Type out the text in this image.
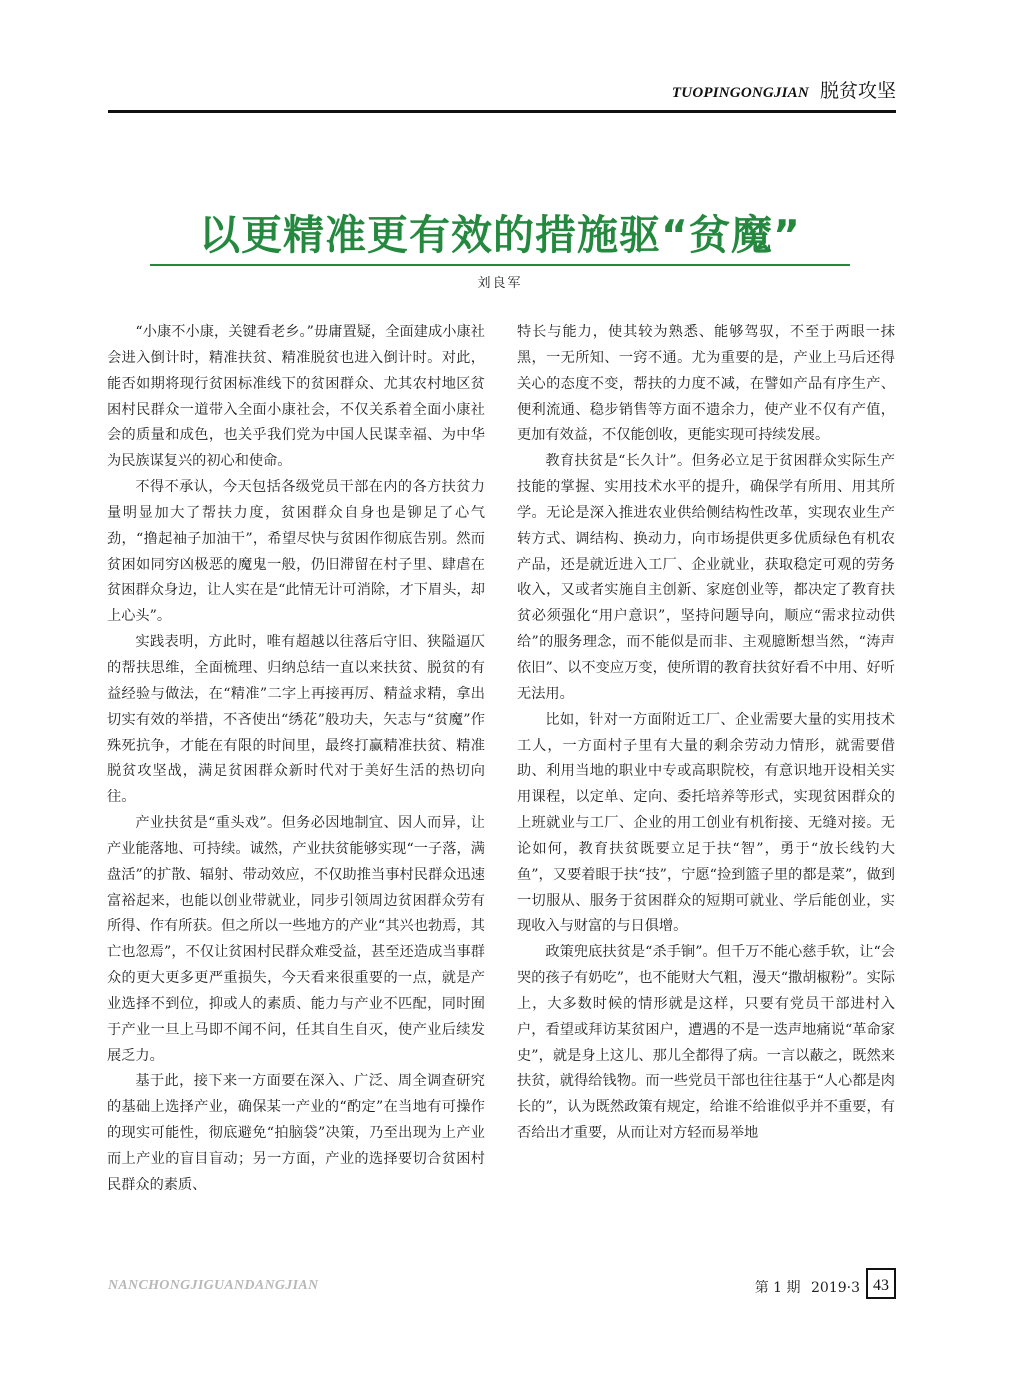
TUOPINGONGJIAN 脱贫攻坚
以更精准更有效的措施驱“贫魔”
刘良军

“小康不小康，关键看老乡。”毋庸置疑，全面建成小康社会进入倒计时，精准扶贫、精准脱贫也进入倒计时。对此，能否如期将现行贫困标准线下的贫困群众、尤其农村地区贫困村民群众一道带入全面小康社会，不仅关系着全面小康社会的质量和成色，也关乎我们党为中国人民谋幸福、为中华为民族谋复兴的初心和使命。

不得不承认，今天包括各级党员干部在内的各方扶贫力量明显加大了帮扶力度，贫困群众自身也是铆足了心气劲，“撸起袖子加油干”，希望尽快与贫困作彻底告别。然而贫困如同穷凶极恶的魔鬼一般，仍旧滞留在村子里、肆虐在贫困群众身边，让人实在是“此情无计可消除，才下眉头，却上心头”。

实践表明，方此时，唯有超越以往落后守旧、狭隘逼仄的帮扶思维，全面梳理、归纳总结一直以来扶贫、脱贫的有益经验与做法，在“精准”二字上再接再厉、精益求精，拿出切实有效的举措，不吝使出“绣花”般功夫，矢志与“贫魔”作殊死抗争，才能在有限的时间里，最终打赢精准扶贫、精准脱贫攻坚战，满足贫困群众新时代对于美好生活的热切向往。

产业扶贫是“重头戏”。但务必因地制宜、因人而异，让产业能落地、可持续。诚然，产业扶贫能够实现“一子落，满盘活”的扩散、辐射、带动效应，不仅助推当事村民群众迅速富裕起来，也能以创业带就业，同步引领周边贫困群众劳有所得、作有所获。但之所以一些地方的产业“其兴也勃焉，其亡也忽焉”，不仅让贫困村民群众难受益，甚至还造成当事群众的更大更多更严重损失，今天看来很重要的一点，就是产业选择不到位，抑或人的素质、能力与产业不匹配，同时囿于产业一旦上马即不闻不问，任其自生自灭，使产业后续发展乏力。

基于此，接下来一方面要在深入、广泛、周全调查研究的基础上选择产业，确保某一产业的“酌定”在当地有可操作的现实可能性，彻底避免“拍脑袋”决策，乃至出现为上产业而上产业的盲目盲动；另一方面，产业的选择要切合贫困村民群众的素质、

特长与能力，使其较为熟悉、能够驾驭，不至于两眼一抹黑，一无所知、一窍不通。尤为重要的是，产业上马后还得关心的态度不变，帮扶的力度不减，在譬如产品有序生产、便利流通、稳步销售等方面不遗余力，使产业不仅有产值，更加有效益，不仅能创收，更能实现可持续发展。

教育扶贫是“长久计”。但务必立足于贫困群众实际生产技能的掌握、实用技术水平的提升，确保学有所用、用其所学。无论是深入推进农业供给侧结构性改革，实现农业生产转方式、调结构、换动力，向市场提供更多优质绿色有机农产品，还是就近进入工厂、企业就业，获取稳定可观的劳务收入，又或者实施自主创新、家庭创业等，都决定了教育扶贫必须强化“用户意识”，坚持问题导向，顺应“需求拉动供给”的服务理念，而不能似是而非、主观臆断想当然，“涛声依旧”、以不变应万变，使所谓的教育扶贫好看不中用、好听无法用。

比如，针对一方面附近工厂、企业需要大量的实用技术工人，一方面村子里有大量的剩余劳动力情形，就需要借助、利用当地的职业中专或高职院校，有意识地开设相关实用课程，以定单、定向、委托培养等形式，实现贫困群众的上班就业与工厂、企业的用工创业有机衔接、无缝对接。无论如何，教育扶贫既要立足于扶“智”，勇于“放长线钓大鱼”，又要着眼于扶“技”，宁愿“捡到篮子里的都是菜”，做到一切服从、服务于贫困群众的短期可就业、学后能创业，实现收入与财富的与日俱增。

政策兜底扶贫是“杀手锏”。但千万不能心慈手软，让“会哭的孩子有奶吃”，也不能财大气粗，漫天“撒胡椒粉”。实际上，大多数时候的情形就是这样，只要有党员干部进村入户，看望或拜访某贫困户，遭遇的不是一迭声地痛说“革命家史”，就是身上这儿、那儿全都得了病。一言以蔽之，既然来扶贫，就得给钱物。而一些党员干部也往往基于“人心都是肉长的”，认为既然政策有规定，给谁不给谁似乎并不重要，有否给出才重要，从而让对方轻而易举地

NANCHONGJIGUANDANGJIAN	第 1 期 2019·3 43
